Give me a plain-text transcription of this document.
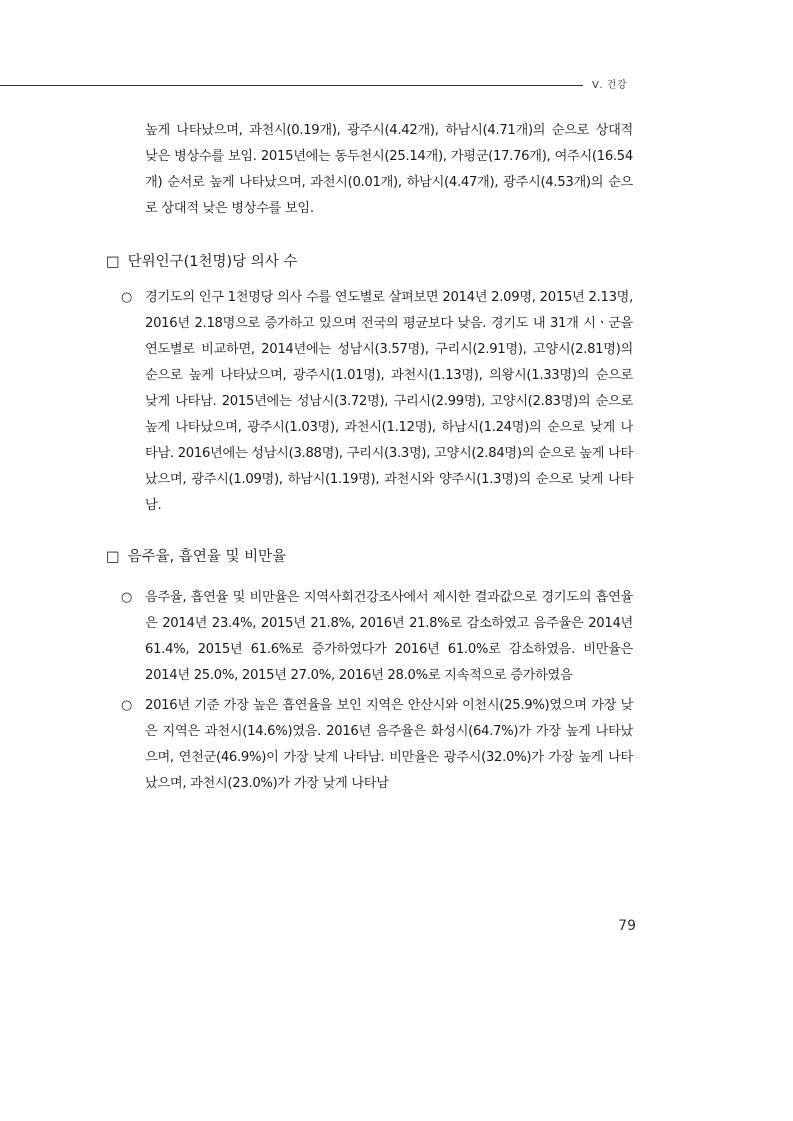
Ⅴ. 건강
높게 나타났으며, 과천시(0.19개), 광주시(4.42개), 하남시(4.71개)의 순으로 상대적 낮은 병상수를 보임. 2015년에는 동두천시(25.14개), 가평군(17.76개), 여주시(16.54개) 순서로 높게 나타났으며, 과천시(0.01개), 하남시(4.47개), 광주시(4.53개)의 순으로 상대적 낮은 병상수를 보임.
□ 단위인구(1천명)당 의사 수
○ 경기도의 인구 1천명당 의사 수를 연도별로 살펴보면 2014년 2.09명, 2015년 2.13명, 2016년 2.18명으로 증가하고 있으며 전국의 평균보다 낮음. 경기도 내 31개 시ㆍ군을 연도별로 비교하면, 2014년에는 성남시(3.57명), 구리시(2.91명), 고양시(2.81명)의 순으로 높게 나타났으며, 광주시(1.01명), 과천시(1.13명), 의왕시(1.33명)의 순으로 낮게 나타남. 2015년에는 성남시(3.72명), 구리시(2.99명), 고양시(2.83명)의 순으로 높게 나타났으며, 광주시(1.03명), 과천시(1.12명), 하남시(1.24명)의 순으로 낮게 나타남. 2016년에는 성남시(3.88명), 구리시(3.3명), 고양시(2.84명)의 순으로 높게 나타났으며, 광주시(1.09명), 하남시(1.19명), 과천시와 양주시(1.3명)의 순으로 낮게 나타남.
□ 음주율, 흡연율 및 비만율
○ 음주율, 흡연율 및 비만율은 지역사회건강조사에서 제시한 결과값으로 경기도의 흡연율은 2014년 23.4%, 2015년 21.8%, 2016년 21.8%로 감소하였고 음주율은 2014년 61.4%, 2015년 61.6%로 증가하였다가 2016년 61.0%로 감소하였음. 비만율은 2014년 25.0%, 2015년 27.0%, 2016년 28.0%로 지속적으로 증가하였음
○ 2016년 기준 가장 높은 흡연율을 보인 지역은 안산시와 이천시(25.9%)였으며 가장 낮은 지역은 과천시(14.6%)였음. 2016년 음주율은 화성시(64.7%)가 가장 높게 나타났으며, 연천군(46.9%)이 가장 낮게 나타남. 비만율은 광주시(32.0%)가 가장 높게 나타났으며, 과천시(23.0%)가 가장 낮게 나타남
79
